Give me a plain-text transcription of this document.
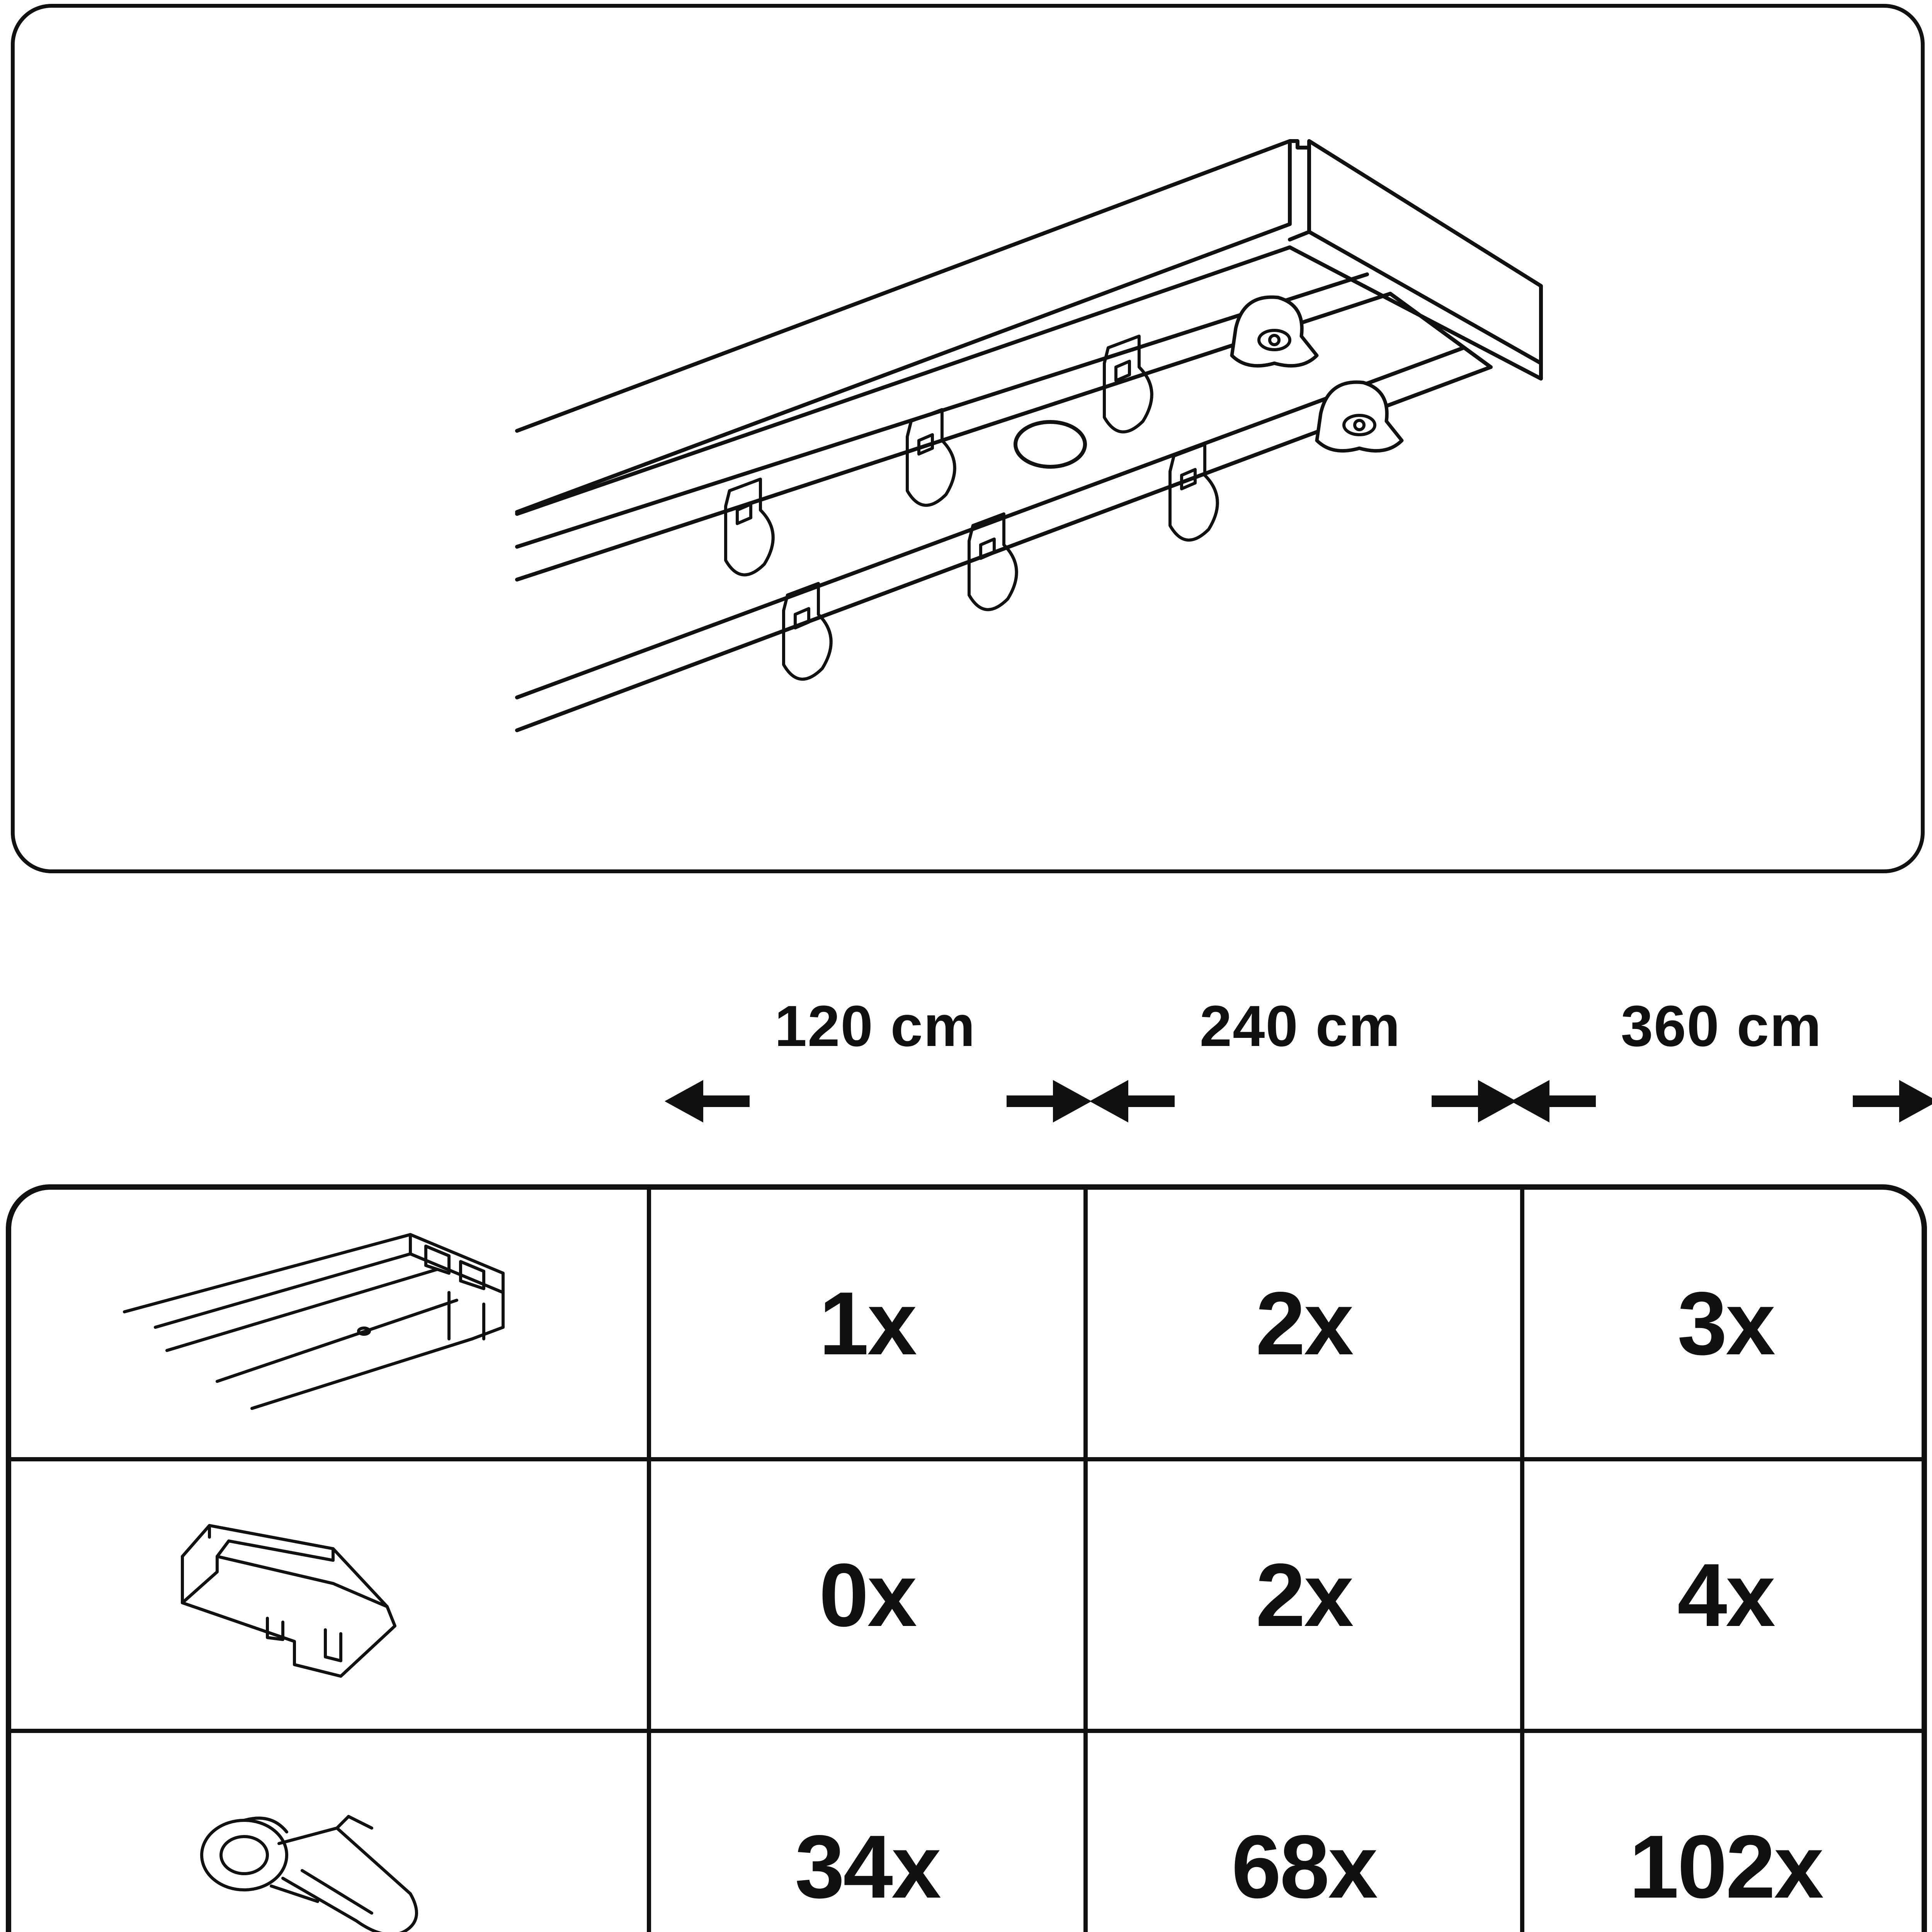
120 cm	240 cm	360 cm
1x	2x	3x
0x	2x	4x
34x	68x	102x
